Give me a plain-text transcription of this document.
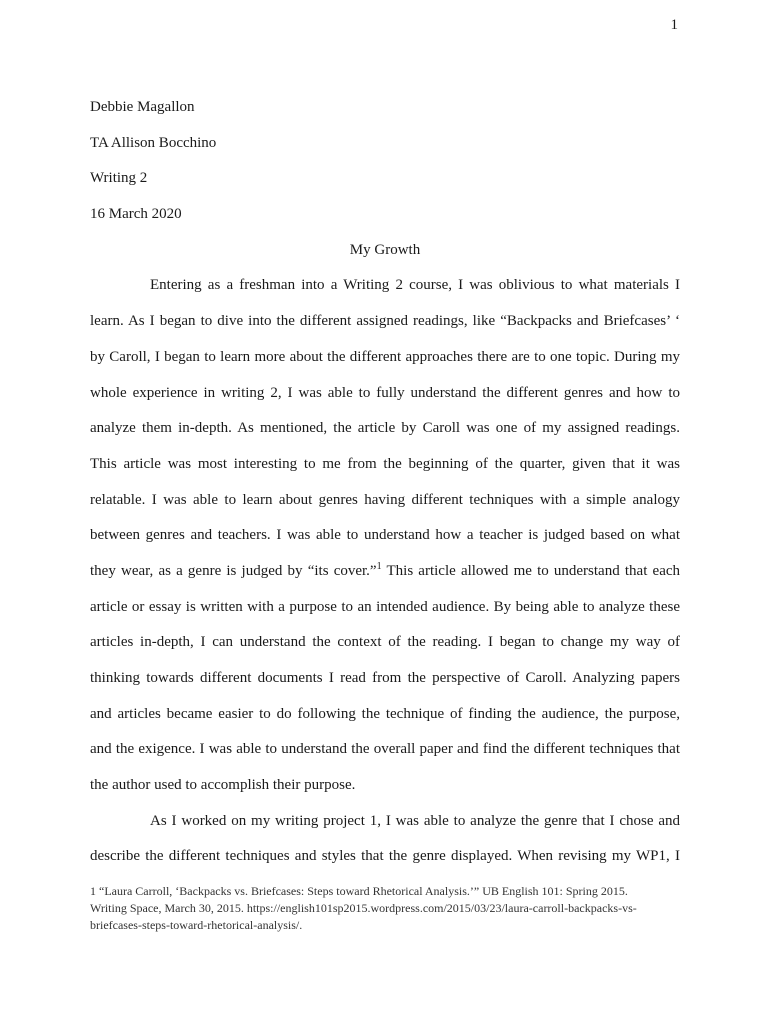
1
Debbie Magallon
TA Allison Bocchino
Writing 2
16 March 2020
My Growth
Entering as a freshman into a Writing 2 course, I was oblivious to what materials I
learn. As I began to dive into the different assigned readings, like “Backpacks and Briefcases’ ‘
by Caroll, I began to learn more about the different approaches there are to one topic. During my
whole experience in writing 2, I was able to fully understand the different genres and how to
analyze them in-depth. As mentioned, the article by Caroll was one of my assigned readings.
This article was most interesting to me from the beginning of the quarter, given that it was
relatable. I was able to learn about genres having different techniques with a simple analogy
between genres and teachers. I was able to understand how a teacher is judged based on what
they wear, as a genre is judged by “its cover.”$^1$ This article allowed me to understand that each
article or essay is written with a purpose to an intended audience. By being able to analyze these
articles in-depth, I can understand the context of the reading. I began to change my way of
thinking towards different documents I read from the perspective of Caroll. Analyzing papers
and articles became easier to do following the technique of finding the audience, the purpose,
and the exigence. I was able to understand the overall paper and find the different techniques that
the author used to accomplish their purpose.
As I worked on my writing project 1, I was able to analyze the genre that I chose and
describe the different techniques and styles that the genre displayed. When revising my WP1, I
1 “Laura Carroll, ‘Backpacks vs. Briefcases: Steps toward Rhetorical Analysis.’” UB English 101: Spring 2015.
Writing Space, March 30, 2015. https://english101sp2015.wordpress.com/2015/03/23/laura-carroll-backpacks-vs-
briefcases-steps-toward-rhetorical-analysis/.
